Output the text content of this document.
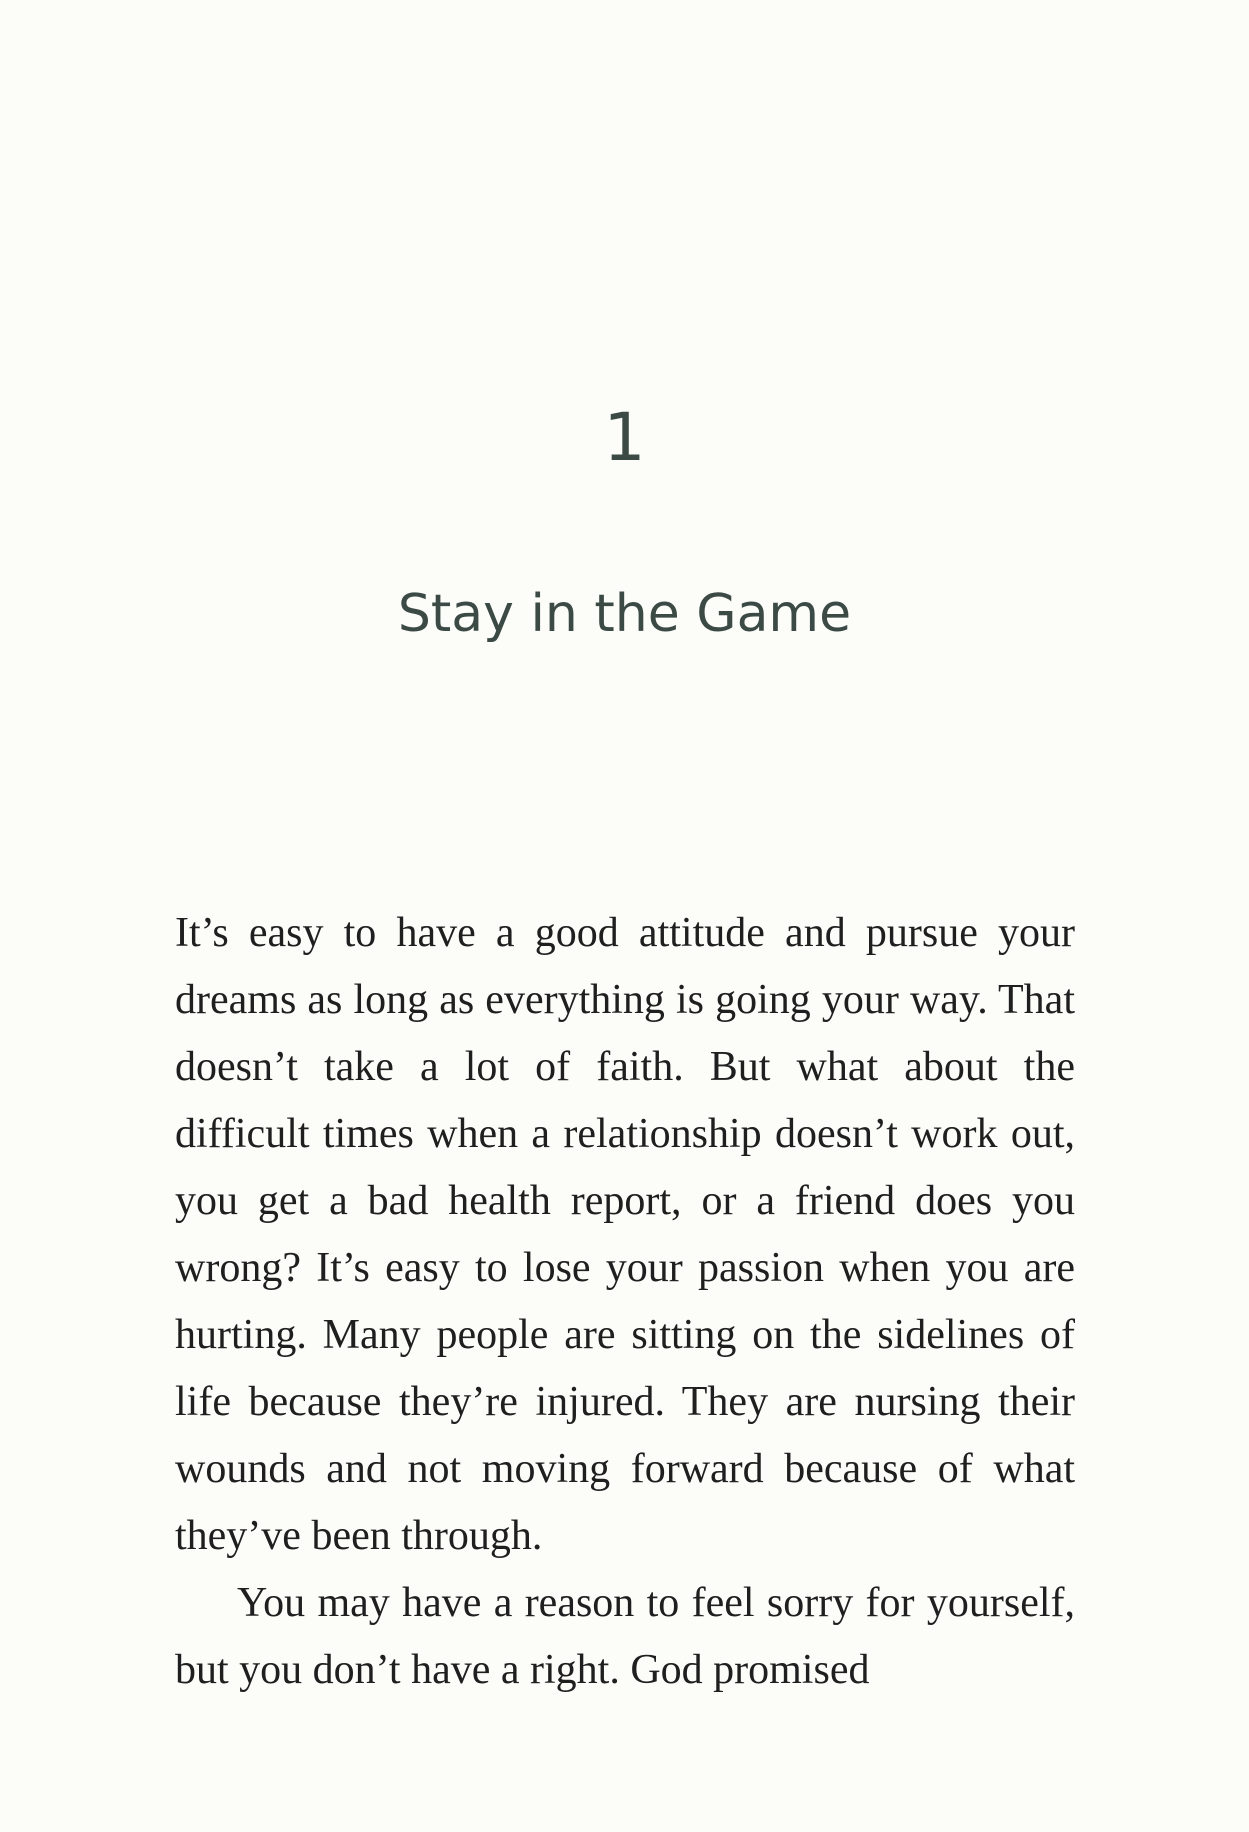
1
Stay in the Game

It’s easy to have a good attitude and pursue your dreams as long as everything is going your way. That doesn’t take a lot of faith. But what about the difficult times when a relationship doesn’t work out, you get a bad health report, or a friend does you wrong? It’s easy to lose your passion when you are hurting. Many people are sitting on the sidelines of life because they’re injured. They are nursing their wounds and not moving forward because of what they’ve been through.

You may have a reason to feel sorry for yourself, but you don’t have a right. God promised
